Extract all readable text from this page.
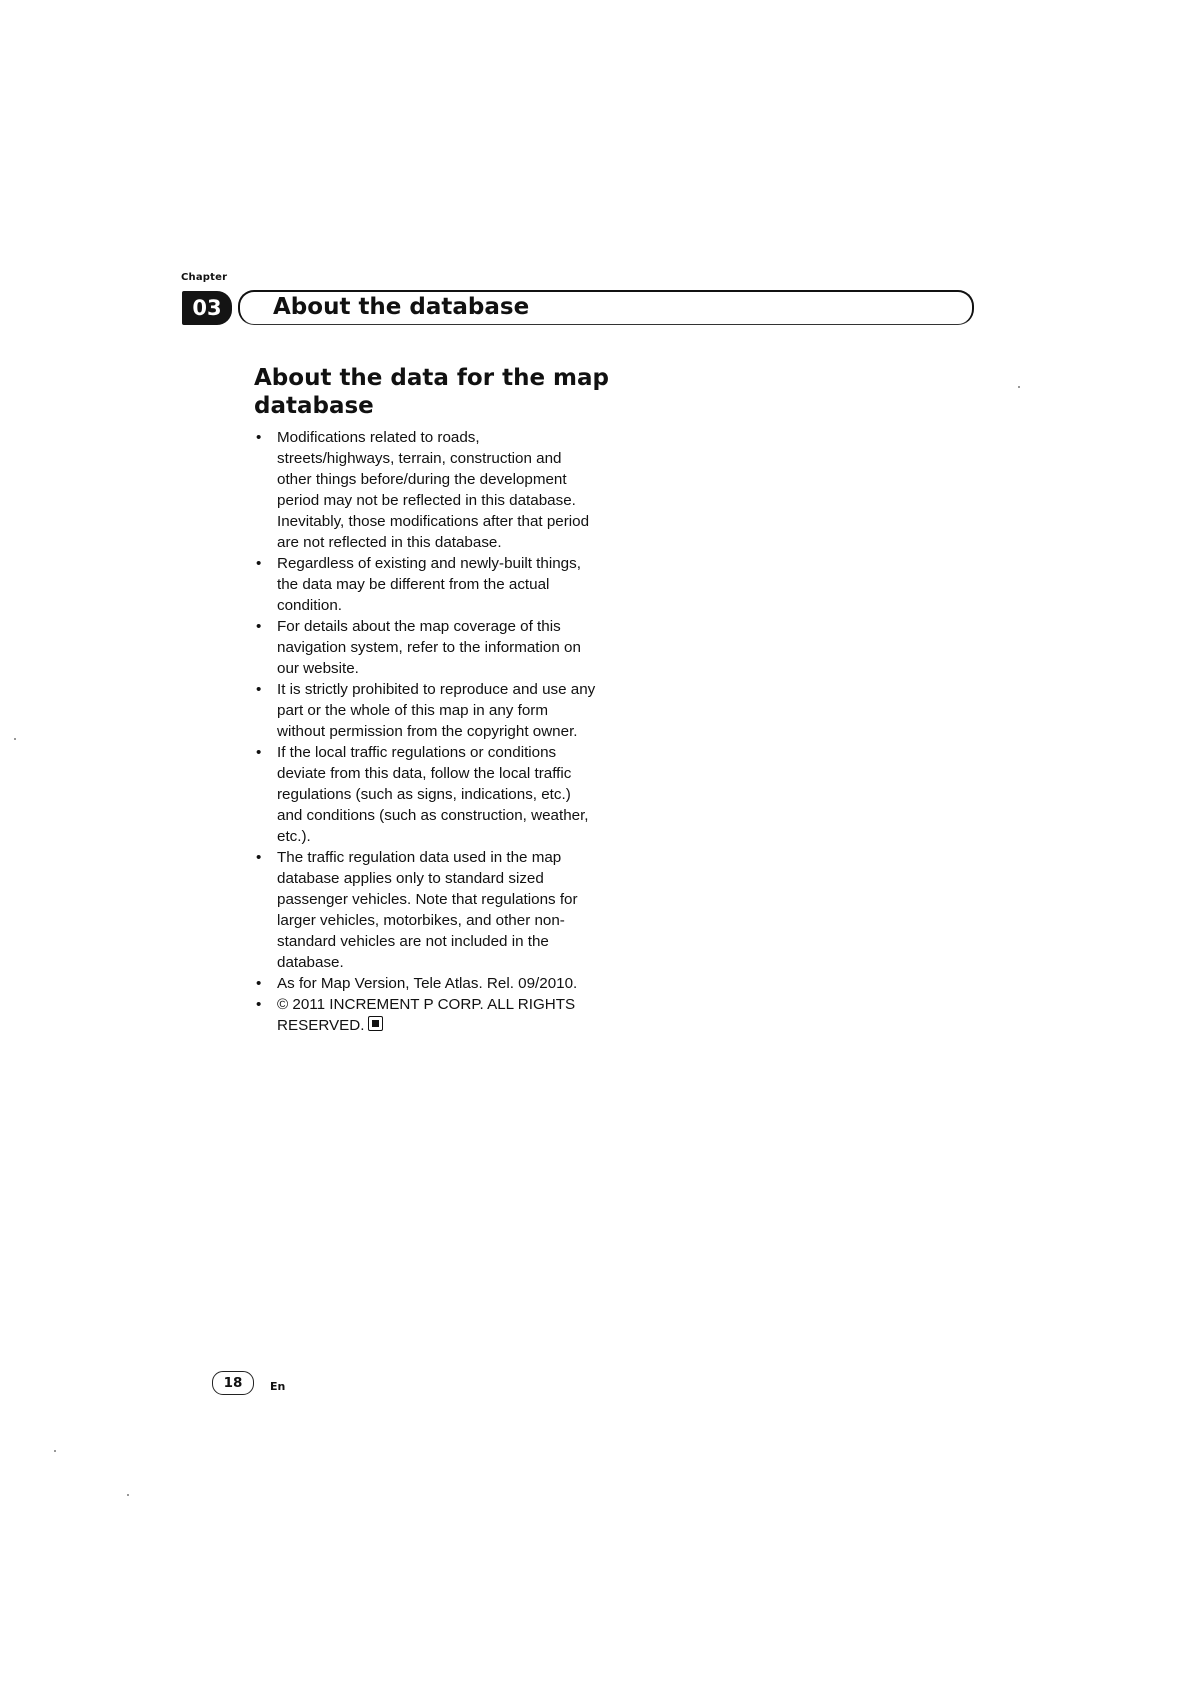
Chapter
03	About the database
About the data for the map database

• Modifications related to roads, streets/highways, terrain, construction and other things before/during the development period may not be reflected in this database. Inevitably, those modifications after that period are not reflected in this database.

• Regardless of existing and newly-built things, the data may be different from the actual condition.

• For details about the map coverage of this navigation system, refer to the information on our website.

• It is strictly prohibited to reproduce and use any part or the whole of this map in any form without permission from the copyright owner.

• If the local traffic regulations or conditions deviate from this data, follow the local traffic regulations (such as signs, indications, etc.) and conditions (such as construction, weather, etc.).

• The traffic regulation data used in the map database applies only to standard sized passenger vehicles. Note that regulations for larger vehicles, motorbikes, and other non-standard vehicles are not included in the database.

• As for Map Version, Tele Atlas. Rel. 09/2010.

• © 2011 INCREMENT P CORP. ALL RIGHTS RESERVED.

18	En
